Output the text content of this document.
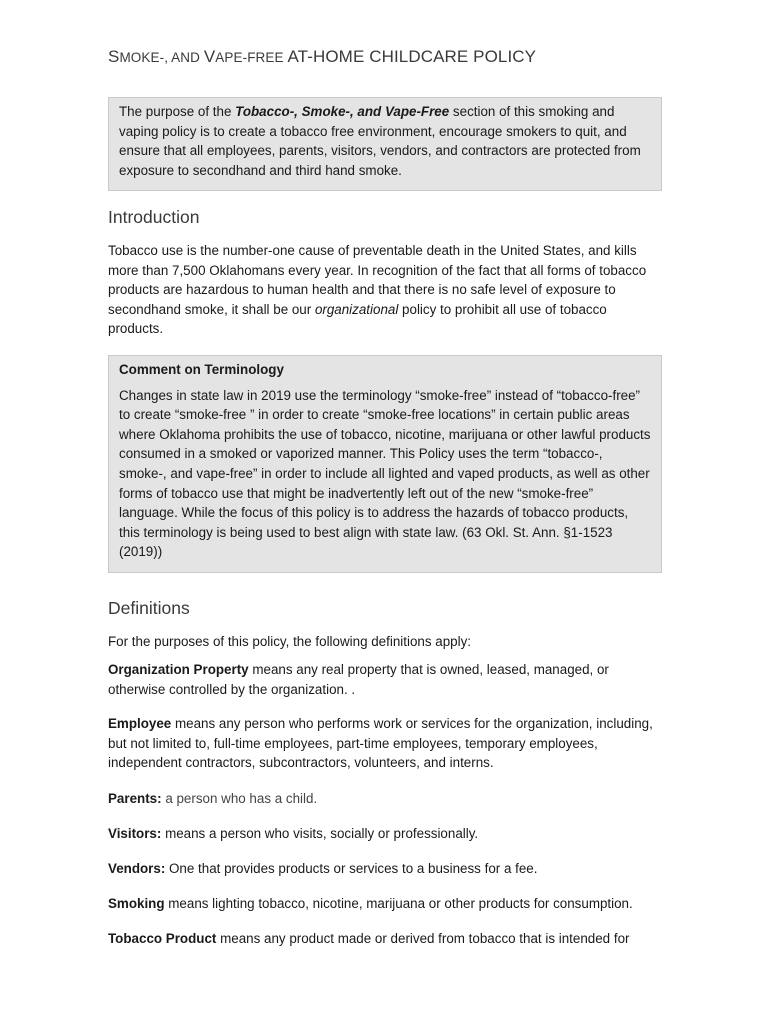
SMOKE-, AND VAPE-FREE AT-HOME CHILDCARE POLICY
The purpose of the Tobacco-, Smoke-, and Vape-Free section of this smoking and vaping policy is to create a tobacco free environment, encourage smokers to quit, and ensure that all employees, parents, visitors, vendors, and contractors are protected from exposure to secondhand and third hand smoke.
Introduction
Tobacco use is the number-one cause of preventable death in the United States, and kills more than 7,500 Oklahomans every year. In recognition of the fact that all forms of tobacco products are hazardous to human health and that there is no safe level of exposure to secondhand smoke, it shall be our organizational policy to prohibit all use of tobacco products.
Comment on Terminology
Changes in state law in 2019 use the terminology “smoke-free” instead of “tobacco-free” to create “smoke-free ” in order to create “smoke-free locations” in certain public areas where Oklahoma prohibits the use of tobacco, nicotine, marijuana or other lawful products consumed in a smoked or vaporized manner. This Policy uses the term “tobacco-, smoke-, and vape-free” in order to include all lighted and vaped products, as well as other forms of tobacco use that might be inadvertently left out of the new “smoke-free” language. While the focus of this policy is to address the hazards of tobacco products, this terminology is being used to best align with state law. (63 Okl. St. Ann. §1-1523 (2019))
Definitions
For the purposes of this policy, the following definitions apply:
Organization Property means any real property that is owned, leased, managed, or otherwise controlled by the organization. .
Employee means any person who performs work or services for the organization, including, but not limited to, full-time employees, part-time employees, temporary employees, independent contractors, subcontractors, volunteers, and interns.
Parents: a person who has a child.
Visitors: means a person who visits, socially or professionally.
Vendors: One that provides products or services to a business for a fee.
Smoking means lighting tobacco, nicotine, marijuana or other products for consumption.
Tobacco Product means any product made or derived from tobacco that is intended for
